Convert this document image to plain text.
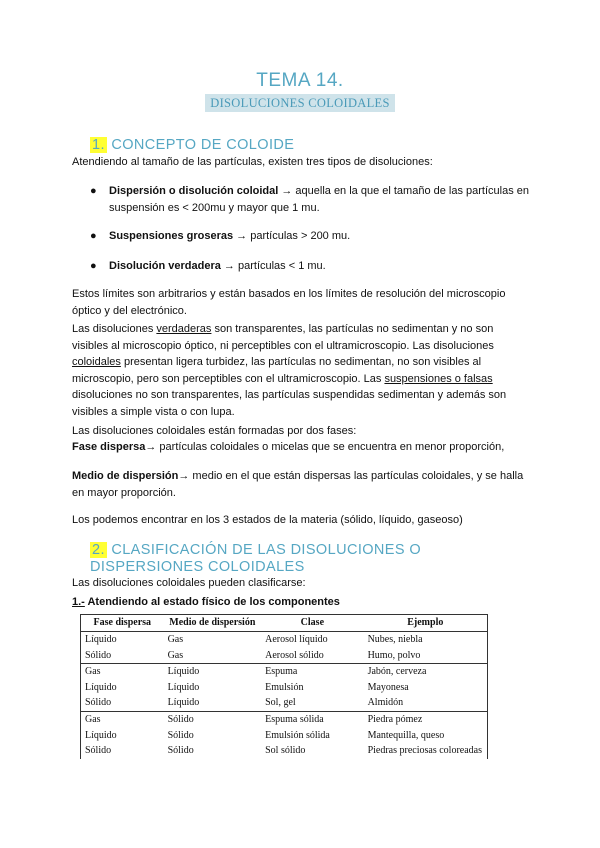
TEMA 14.
DISOLUCIONES COLOIDALES
1. CONCEPTO DE COLOIDE
Atendiendo al tamaño de las partículas, existen tres tipos de disoluciones:
● Dispersión o disolución coloidal → aquella en la que el tamaño de las partículas en suspensión es < 200mu y mayor que 1 mu.
● Suspensiones groseras → partículas > 200 mu.
● Disolución verdadera → partículas < 1 mu.
Estos límites son arbitrarios y están basados en los límites de resolución del microscopio óptico y del electrónico.
Las disoluciones verdaderas son transparentes, las partículas no sedimentan y no son visibles al microscopio óptico, ni perceptibles con el ultramicroscopio. Las disoluciones coloidales presentan ligera turbidez, las partículas no sedimentan, no son visibles al microscopio, pero son perceptibles con el ultramicroscopio. Las suspensiones o falsas disoluciones no son transparentes, las partículas suspendidas sedimentan y además son visibles a simple vista o con lupa.
Las disoluciones coloidales están formadas por dos fases:
Fase dispersa→ partículas coloidales o micelas que se encuentra en menor proporción,
Medio de dispersión→ medio en el que están dispersas las partículas coloidales, y se halla en mayor proporción.
Los podemos encontrar en los 3 estados de la materia (sólido, líquido, gaseoso)
2. CLASIFICACIÓN DE LAS DISOLUCIONES O DISPERSIONES COLOIDALES
Las disoluciones coloidales pueden clasificarse:
1.- Atendiendo al estado físico de los componentes
Fase dispersa	Medio de dispersión	Clase	Ejemplo
Líquido	Gas	Aerosol líquido	Nubes, niebla
Sólido	Gas	Aerosol sólido	Humo, polvo
Gas	Líquido	Espuma	Jabón, cerveza
Líquido	Líquido	Emulsión	Mayonesa
Sólido	Líquido	Sol, gel	Almidón
Gas	Sólido	Espuma sólida	Piedra pómez
Líquido	Sólido	Emulsión sólida	Mantequilla, queso
Sólido	Sólido	Sol sólido	Piedras preciosas coloreadas
